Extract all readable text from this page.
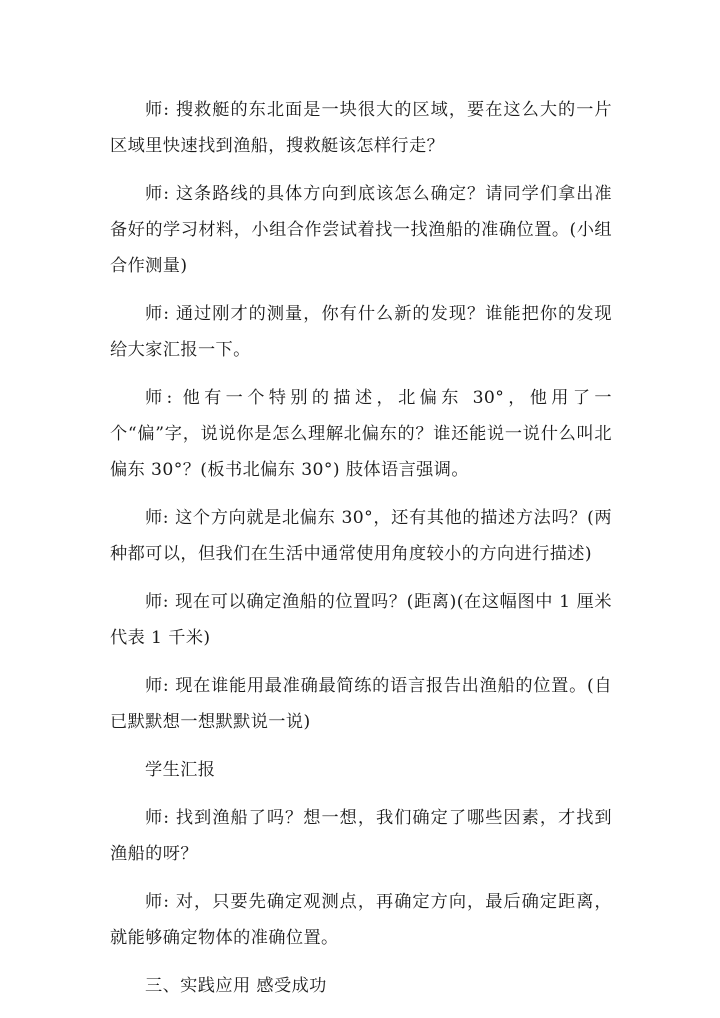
师: 搜救艇的东北面是一块很大的区域，要在这么大的一片区域里快速找到渔船，搜救艇该怎样行走？

师: 这条路线的具体方向到底该怎么确定？请同学们拿出准备好的学习材料，小组合作尝试着找一找渔船的准确位置。(小组合作测量)

师: 通过刚才的测量，你有什么新的发现？谁能把你的发现给大家汇报一下。

师: 他有一个特别的描述，北偏东 30°，他用了一个“偏”字，说说你是怎么理解北偏东的？谁还能说一说什么叫北偏东 30°？(板书北偏东 30°) 肢体语言强调。

师: 这个方向就是北偏东 30°，还有其他的描述方法吗？(两种都可以，但我们在生活中通常使用角度较小的方向进行描述)

师: 现在可以确定渔船的位置吗？(距离)(在这幅图中 1 厘米代表 1 千米)

师: 现在谁能用最准确最简练的语言报告出渔船的位置。(自已默默想一想默默说一说)

学生汇报

师: 找到渔船了吗？想一想，我们确定了哪些因素，才找到渔船的呀？

师: 对，只要先确定观测点，再确定方向，最后确定距离，就能够确定物体的准确位置。

三、实践应用 感受成功
